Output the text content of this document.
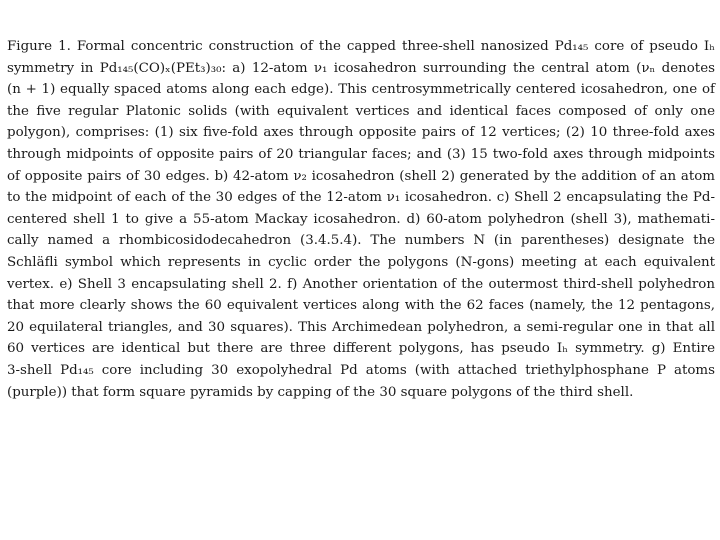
Figure 1. Formal concentric construction of the capped three-shell nanosized Pd₁₄₅ core of pseudo Iₕ
symmetry in Pd₁₄₅(CO)ₓ(PEt₃)₃₀: a) 12-atom ν₁ icosahedron surrounding the central atom (νₙ denotes
(n + 1) equally spaced atoms along each edge). This centrosymmetrically centered icosahedron, one of
the five regular Platonic solids (with equivalent vertices and identical faces composed of only one
polygon), comprises: (1) six five-fold axes through opposite pairs of 12 vertices; (2) 10 three-fold axes
through midpoints of opposite pairs of 20 triangular faces; and (3) 15 two-fold axes through midpoints
of opposite pairs of 30 edges. b) 42-atom ν₂ icosahedron (shell 2) generated by the addition of an atom
to the midpoint of each of the 30 edges of the 12-atom ν₁ icosahedron. c) Shell 2 encapsulating the Pd-
centered shell 1 to give a 55-atom Mackay icosahedron. d) 60-atom polyhedron (shell 3), mathemati-
cally named a rhombicosidodecahedron (3.4.5.4). The numbers N (in parentheses) designate the
Schläfli symbol which represents in cyclic order the polygons (N-gons) meeting at each equivalent
vertex. e) Shell 3 encapsulating shell 2. f) Another orientation of the outermost third-shell polyhedron
that more clearly shows the 60 equivalent vertices along with the 62 faces (namely, the 12 pentagons,
20 equilateral triangles, and 30 squares). This Archimedean polyhedron, a semi-regular one in that all
60 vertices are identical but there are three different polygons, has pseudo Iₕ symmetry. g) Entire
3-shell Pd₁₄₅ core including 30 exopolyhedral Pd atoms (with attached triethylphosphane P atoms
(purple)) that form square pyramids by capping of the 30 square polygons of the third shell.
